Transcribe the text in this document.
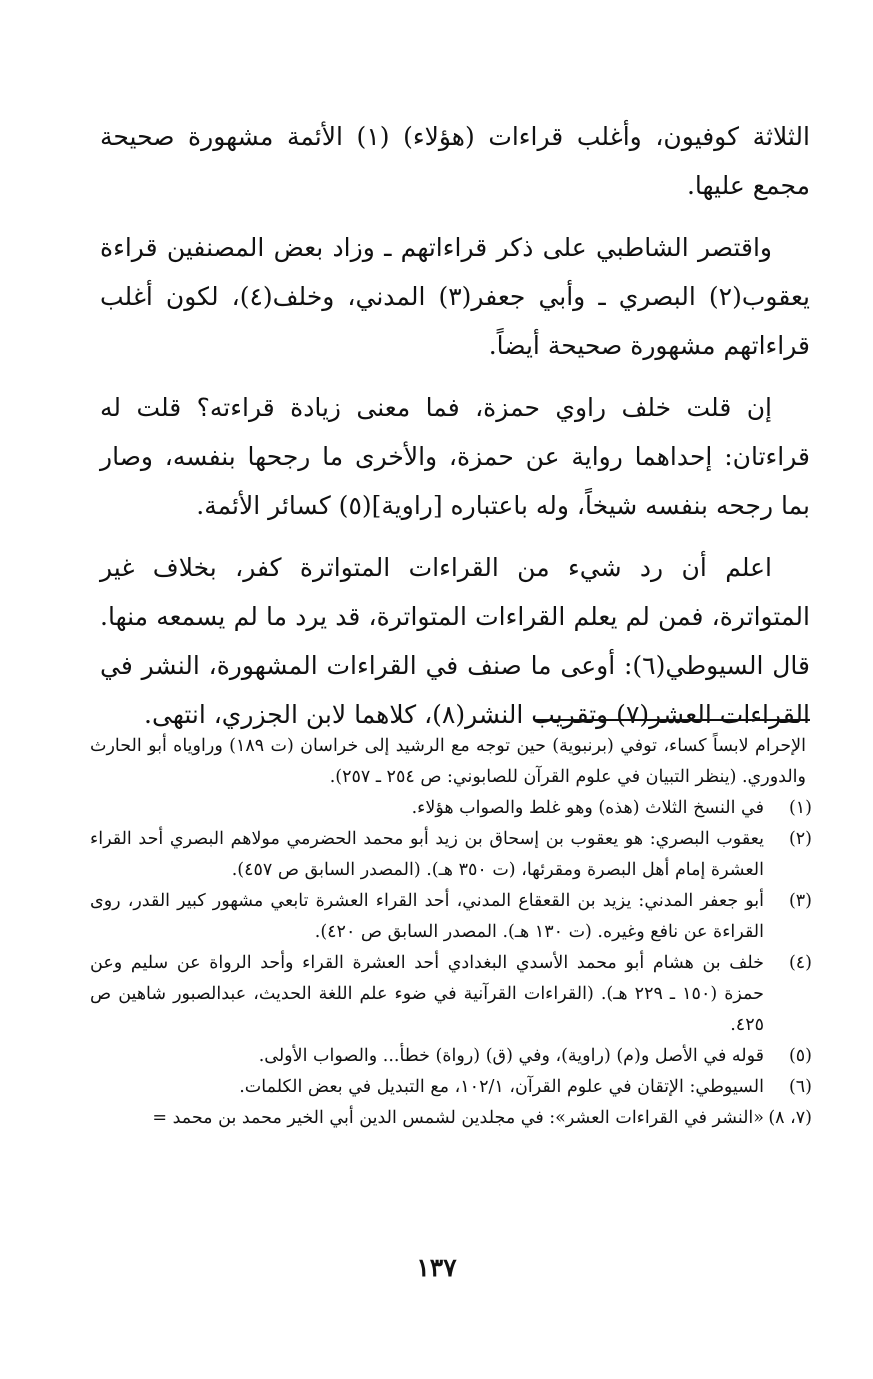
الثلاثة كوفيون، وأغلب قراءات (هؤلاء) (١) الأئمة مشهورة صحيحة مجمع عليها.

واقتصر الشاطبي على ذكر قراءاتهم ـ وزاد بعض المصنفين قراءة يعقوب(٢) البصري ـ وأبي جعفر(٣) المدني، وخلف(٤)، لكون أغلب قراءاتهم مشهورة صحيحة أيضاً.

إن قلت خلف راوي حمزة، فما معنى زيادة قراءته؟ قلت له قراءتان: إحداهما رواية عن حمزة، والأخرى ما رجحها بنفسه، وصار بما رجحه بنفسه شيخاً، وله باعتباره [راوية](٥) كسائر الأئمة.

اعلم أن رد شيء من القراءات المتواترة كفر، بخلاف غير المتواترة، فمن لم يعلم القراءات المتواترة، قد يرد ما لم يسمعه منها. قال السيوطي(٦): أوعى ما صنف في القراءات المشهورة، النشر في القراءات العشر(٧) وتقريب النشر(٨)، كلاهما لابن الجزري، انتهى.

الإحرام لابساً كساء، توفي (برنبوية) حين توجه مع الرشيد إلى خراسان (ت ١٨٩) وراوياه أبو الحارث والدوري. (ينظر التبيان في علوم القرآن للصابوني: ص ٢٥٤ ـ ٢٥٧).

(١)
في النسخ الثلاث (هذه) وهو غلط والصواب هؤلاء.

(٢)
يعقوب البصري: هو يعقوب بن إسحاق بن زيد أبو محمد الحضرمي مولاهم البصري أحد القراء العشرة إمام أهل البصرة ومقرئها، (ت ٣٥٠ هـ). (المصدر السابق ص ٤٥٧).

(٣)
أبو جعفر المدني: يزيد بن القعقاع المدني، أحد القراء العشرة تابعي مشهور كبير القدر، روى القراءة عن نافع وغيره. (ت ١٣٠ هـ). المصدر السابق ص ٤٢٠).

(٤)
خلف بن هشام أبو محمد الأسدي البغدادي أحد العشرة القراء وأحد الرواة عن سليم وعن حمزة (١٥٠ ـ ٢٢٩ هـ). (القراءات القرآنية في ضوء علم اللغة الحديث، عبدالصبور شاهين ص ٤٢٥.

(٥)
قوله في الأصل و(م) (راوية)، وفي (ق) (رواة) خطأ... والصواب الأولى.

(٦)
السيوطي: الإتقان في علوم القرآن، ١٠٢/١، مع التبديل في بعض الكلمات.

(٧، ٨)
«النشر في القراءات العشر»: في مجلدين لشمس الدين أبي الخير محمد بن محمد =

١٣٧
